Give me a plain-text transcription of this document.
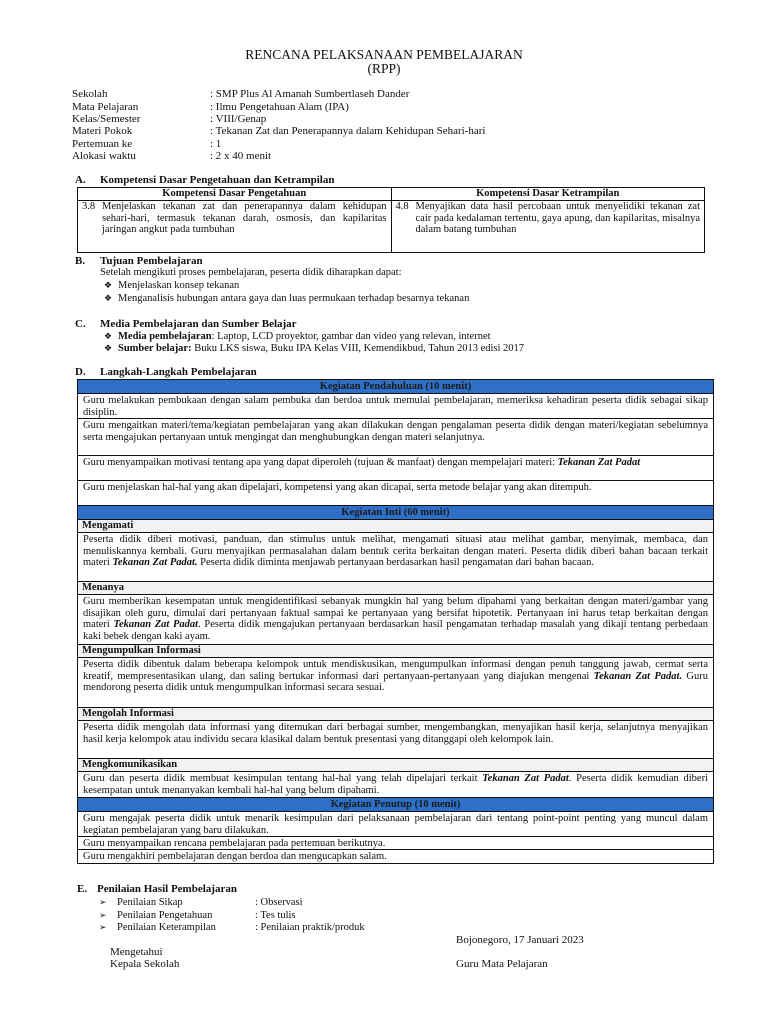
RENCANA PELAKSANAAN PEMBELAJARAN
(RPP)
Sekolah	: SMP Plus Al Amanah Sumbertlaseh Dander
Mata Pelajaran	: Ilmu Pengetahuan Alam (IPA)
Kelas/Semester	: VIII/Genap
Materi Pokok	: Tekanan Zat dan Penerapannya dalam Kehidupan Sehari-hari
Pertemuan ke	: 1
Alokasi waktu	: 2 x 40 menit
A. Kompetensi Dasar Pengetahuan dan Ketrampilan
Kompetensi Dasar Pengetahuan	Kompetensi Dasar Ketrampilan

3.8 Menjelaskan tekanan zat dan penerapannya dalam kehidupan sehari-hari, termasuk tekanan darah, osmosis, dan kapilaritas jaringan angkut pada tumbuhan	4.8 Menyajikan data hasil percobaan untuk menyelidiki tekanan zat cair pada kedalaman tertentu, gaya apung, dan kapilaritas, misalnya dalam batang tumbuhan
B. Tujuan Pembelajaran
Setelah mengikuti proses pembelajaran, peserta didik diharapkan dapat:
❖ Menjelaskan konsep tekanan
❖ Menganalisis hubungan antara gaya dan luas permukaan terhadap besarnya tekanan
C. Media Pembelajaran dan Sumber Belajar
❖ Media pembelajaran: Laptop, LCD proyektor, gambar dan video yang relevan, internet
❖ Sumber belajar: Buku LKS siswa, Buku IPA Kelas VIII, Kemendikbud, Tahun 2013 edisi 2017
D. Langkah-Langkah Pembelajaran
Kegiatan Pendahuluan (10 menit)
Guru melakukan pembukaan dengan salam pembuka dan berdoa untuk memulai pembelajaran, memeriksa kehadiran peserta didik sebagai sikap disiplin.
Guru mengaitkan materi/tema/kegiatan pembelajaran yang akan dilakukan dengan pengalaman peserta didik dengan materi/kegiatan sebelumnya serta mengajukan pertanyaan untuk mengingat dan menghubungkan dengan materi selanjutnya.
Guru menyampaikan motivasi tentang apa yang dapat diperoleh (tujuan & manfaat) dengan mempelajari materi: Tekanan Zat Padat
Guru menjelaskan hal-hal yang akan dipelajari, kompetensi yang akan dicapai, serta metode belajar yang akan ditempuh.
Kegiatan Inti (60 menit)
Mengamati
Peserta didik diberi motivasi, panduan, dan stimulus untuk melihat, mengamati situasi atau melihat gambar, menyimak, membaca, dan menuliskannya kembali. Guru menyajikan permasalahan dalam bentuk cerita berkaitan dengan materi. Peserta didik diberi bahan bacaan terkait materi Tekanan Zat Padat. Peserta didik diminta menjawab pertanyaan berdasarkan hasil pengamatan dari bahan bacaan.
Menanya
Guru memberikan kesempatan untuk mengidentifikasi sebanyak mungkin hal yang belum dipahami yang berkaitan dengan materi/gambar yang disajikan oleh guru, dimulai dari pertanyaan faktual sampai ke pertanyaan yang bersifat hipotetik. Pertanyaan ini harus tetap berkaitan dengan materi Tekanan Zat Padat. Peserta didik mengajukan pertanyaan berdasarkan hasil pengamatan terhadap masalah yang dikaji tentang perbedaan kaki bebek dengan kaki ayam.
Mengumpulkan Informasi
Peserta didik dibentuk dalam beberapa kelompok untuk mendiskusikan, mengumpulkan informasi dengan penuh tanggung jawab, cermat serta kreatif, mempresentasikan ulang, dan saling bertukar informasi dari pertanyaan-pertanyaan yang diajukan mengenai Tekanan Zat Padat. Guru mendorong peserta didik untuk mengumpulkan informasi secara sesuai.
Mengolah Informasi
Peserta didik mengolah data informasi yang ditemukan dari berbagai sumber, mengembangkan, menyajikan hasil kerja, selanjutnya menyajikan hasil kerja kelompok atau individu secara klasikal dalam bentuk presentasi yang ditanggapi oleh kelompok lain.
Mengkomunikasikan
Guru dan peserta didik membuat kesimpulan tentang hal-hal yang telah dipelajari terkait Tekanan Zat Padat. Peserta didik kemudian diberi kesempatan untuk menanyakan kembali hal-hal yang belum dipahami.
Kegiatan Penutup (10 menit)
Guru mengajak peserta didik untuk menarik kesimpulan dari pelaksanaan pembelajaran dari tentang point-point penting yang muncul dalam kegiatan pembelajaran yang baru dilakukan.
Guru menyampaikan rencana pembelajaran pada pertemuan berikutnya.
Guru mengakhiri pembelajaran dengan berdoa dan mengucapkan salam.
E. Penilaian Hasil Pembelajaran
➢ Penilaian Sikap	: Observasi
➢ Penilaian Pengetahuan	: Tes tulis
➢ Penilaian Keterampilan	: Penilaian praktik/produk
Bojonegoro, 17 Januari 2023
Mengetahui
Kepala Sekolah	Guru Mata Pelajaran
